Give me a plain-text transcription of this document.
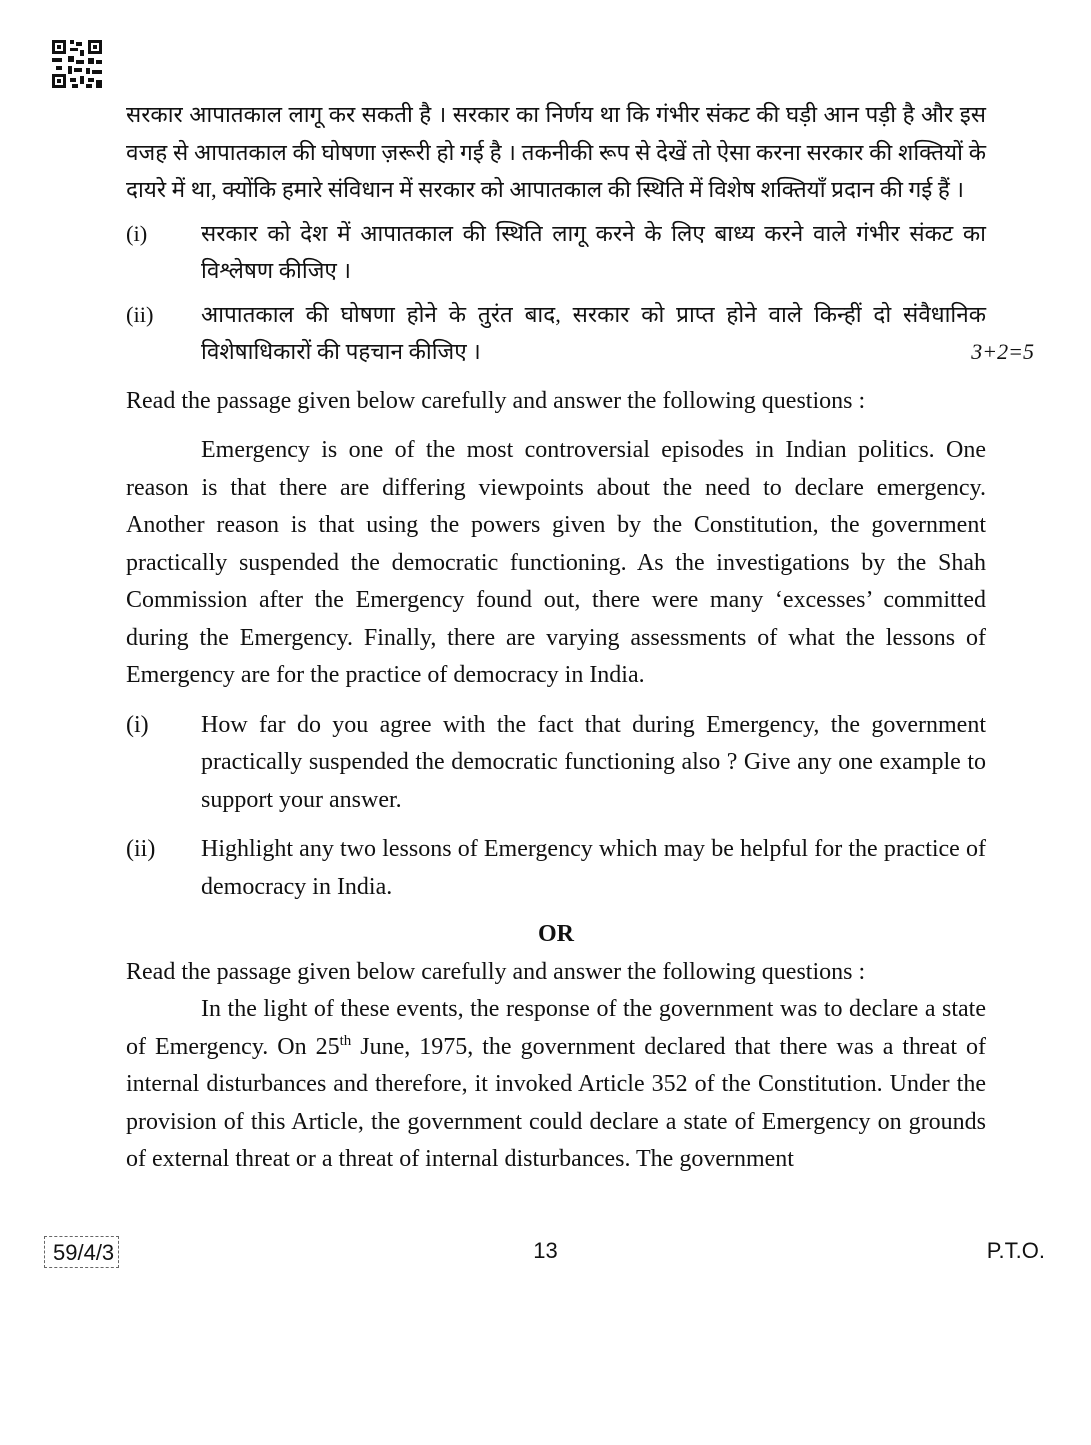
सरकार आपातकाल लागू कर सकती है । सरकार का निर्णय था कि गंभीर संकट की घड़ी आन पड़ी है और इस वजह से आपातकाल की घोषणा ज़रूरी हो गई है । तकनीकी रूप से देखें तो ऐसा करना सरकार की शक्तियों के दायरे में था, क्योंकि हमारे संविधान में सरकार को आपातकाल की स्थिति में विशेष शक्तियाँ प्रदान की गई हैं ।

(i)	सरकार को देश में आपातकाल की स्थिति लागू करने के लिए बाध्य करने वाले गंभीर संकट का विश्लेषण कीजिए ।
(ii)	आपातकाल की घोषणा होने के तुरंत बाद, सरकार को प्राप्त होने वाले किन्हीं दो संवैधानिक विशेषाधिकारों की पहचान कीजिए ।	3+2=5

Read the passage given below carefully and answer the following questions :

Emergency is one of the most controversial episodes in Indian politics. One reason is that there are differing viewpoints about the need to declare emergency. Another reason is that using the powers given by the Constitution, the government practically suspended the democratic functioning. As the investigations by the Shah Commission after the Emergency found out, there were many ‘excesses’ committed during the Emergency. Finally, there are varying assessments of what the lessons of Emergency are for the practice of democracy in India.

(i)	How far do you agree with the fact that during Emergency, the government practically suspended the democratic functioning also ? Give any one example to support your answer.
(ii)	Highlight any two lessons of Emergency which may be helpful for the practice of democracy in India.

OR

Read the passage given below carefully and answer the following questions :

In the light of these events, the response of the government was to declare a state of Emergency. On 25th June, 1975, the government declared that there was a threat of internal disturbances and therefore, it invoked Article 352 of the Constitution. Under the provision of this Article, the government could declare a state of Emergency on grounds of external threat or a threat of internal disturbances. The government

59/4/3	13	P.T.O.
